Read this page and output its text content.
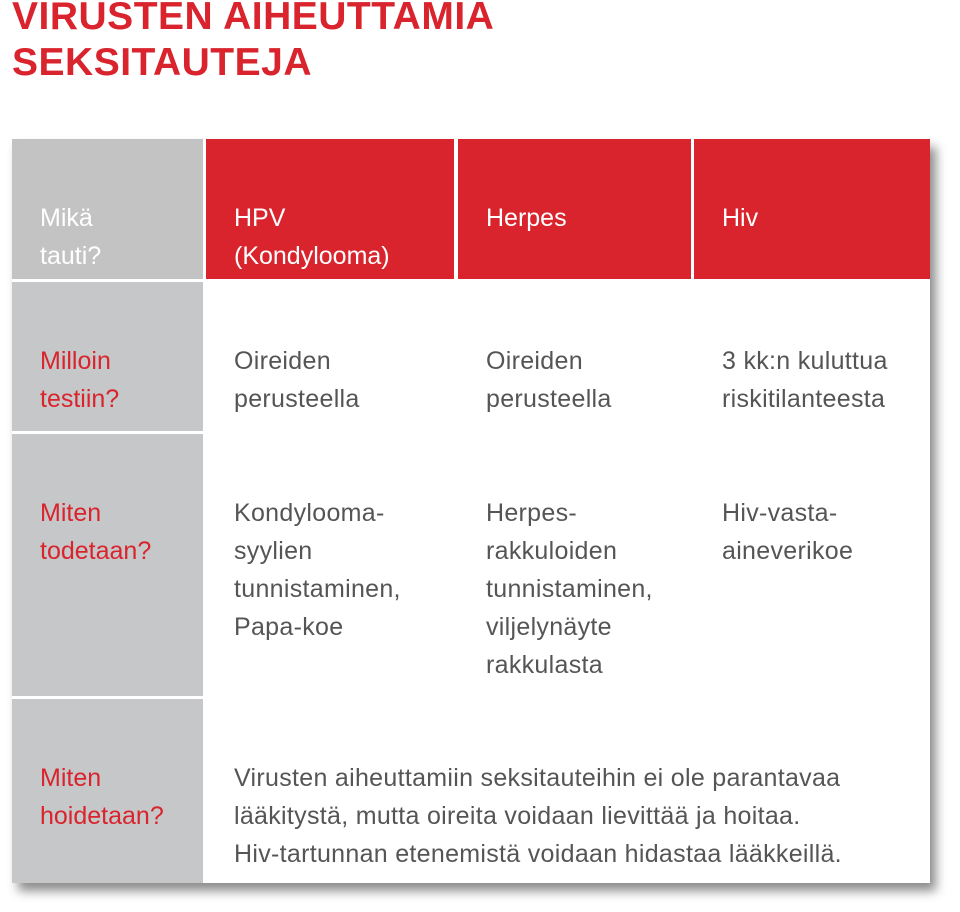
VIRUSTEN AIHEUTTAMIA
SEKSITAUTEJA

Mikä
tauti?

HPV
(Kondylooma)

Herpes	Hiv

Milloin
testiin?

Oireiden
perusteella

Oireiden
perusteella

3 kk:n kuluttua
riskitilanteesta

Miten
todetaan?

Kondylooma-
syylien
tunnistaminen,
Papa-koe

Herpes-
rakkuloiden
tunnistaminen,
viljelynäyte
rakkulasta

Hiv-vasta-
aineverikoe

Miten
hoidetaan?

Virusten aiheuttamiin seksitauteihin ei ole parantavaa
lääkitystä, mutta oireita voidaan lievittää ja hoitaa.
Hiv-tartunnan etenemistä voidaan hidastaa lääkkeillä.
